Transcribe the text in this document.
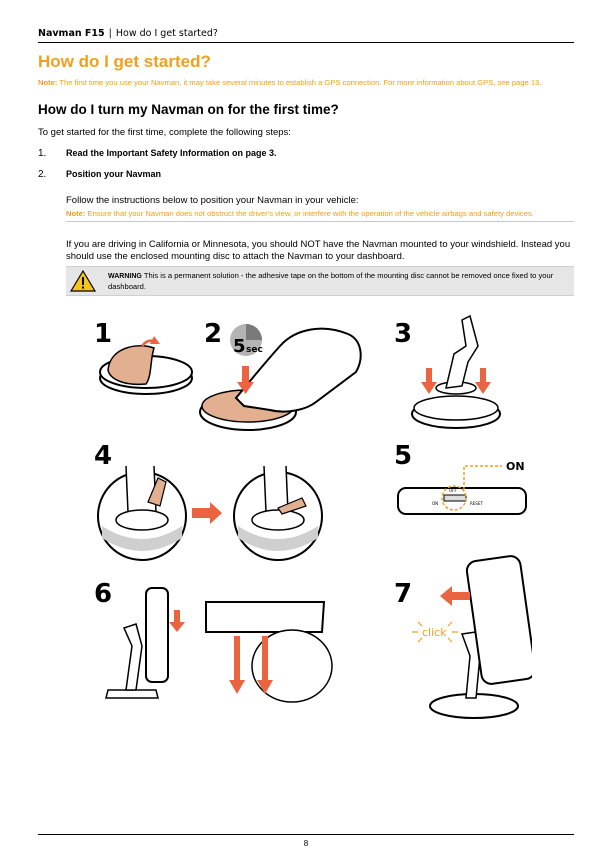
Navman F15 | How do I get started?
How do I get started?
Note: The first time you use your Navman, it may take several minutes to establish a GPS connection. For more information about GPS, see page 13.
How do I turn my Navman on for the first time?
To get started for the first time, complete the following steps:
1. Read the Important Safety Information on page 3.
2. Position your Navman
Follow the instructions below to position your Navman in your vehicle:
Note: Ensure that your Navman does not obstruct the driver's view, or interfere with the operation of the vehicle airbags and safety devices.
If you are driving in California or Minnesota, you should NOT have the Navman mounted to your windshield. Instead you should use the enclosed mounting disc to attach the Navman to your dashboard.
WARNING This is a permanent solution - the adhesive tape on the bottom of the mounting disc cannot be removed once fixed to your dashboard.
1	2	3
4	5
6	7
5 sec
ON
OFF
RESET
ON
click
8
